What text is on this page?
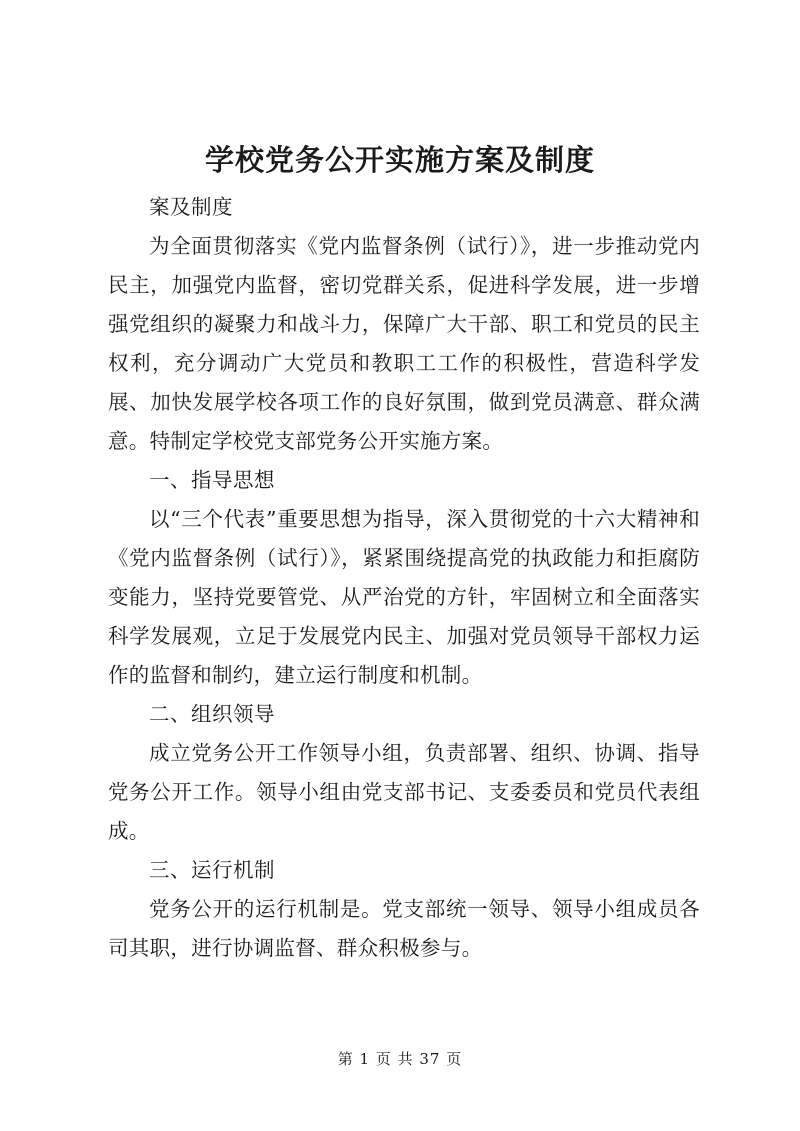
学校党务公开实施方案及制度

案及制度

为全面贯彻落实《党内监督条例（试行）》，进一步推动党内民主，加强党内监督，密切党群关系，促进科学发展，进一步增强党组织的凝聚力和战斗力，保障广大干部、职工和党员的民主权利，充分调动广大党员和教职工工作的积极性，营造科学发展、加快发展学校各项工作的良好氛围，做到党员满意、群众满意。特制定学校党支部党务公开实施方案。

一、指导思想

以“三个代表”重要思想为指导，深入贯彻党的十六大精神和《党内监督条例（试行）》，紧紧围绕提高党的执政能力和拒腐防变能力，坚持党要管党、从严治党的方针，牢固树立和全面落实科学发展观，立足于发展党内民主、加强对党员领导干部权力运作的监督和制约，建立运行制度和机制。

二、组织领导

成立党务公开工作领导小组，负责部署、组织、协调、指导党务公开工作。领导小组由党支部书记、支委委员和党员代表组成。

三、运行机制

党务公开的运行机制是。党支部统一领导、领导小组成员各司其职，进行协调监督、群众积极参与。

第 1 页 共 37 页
